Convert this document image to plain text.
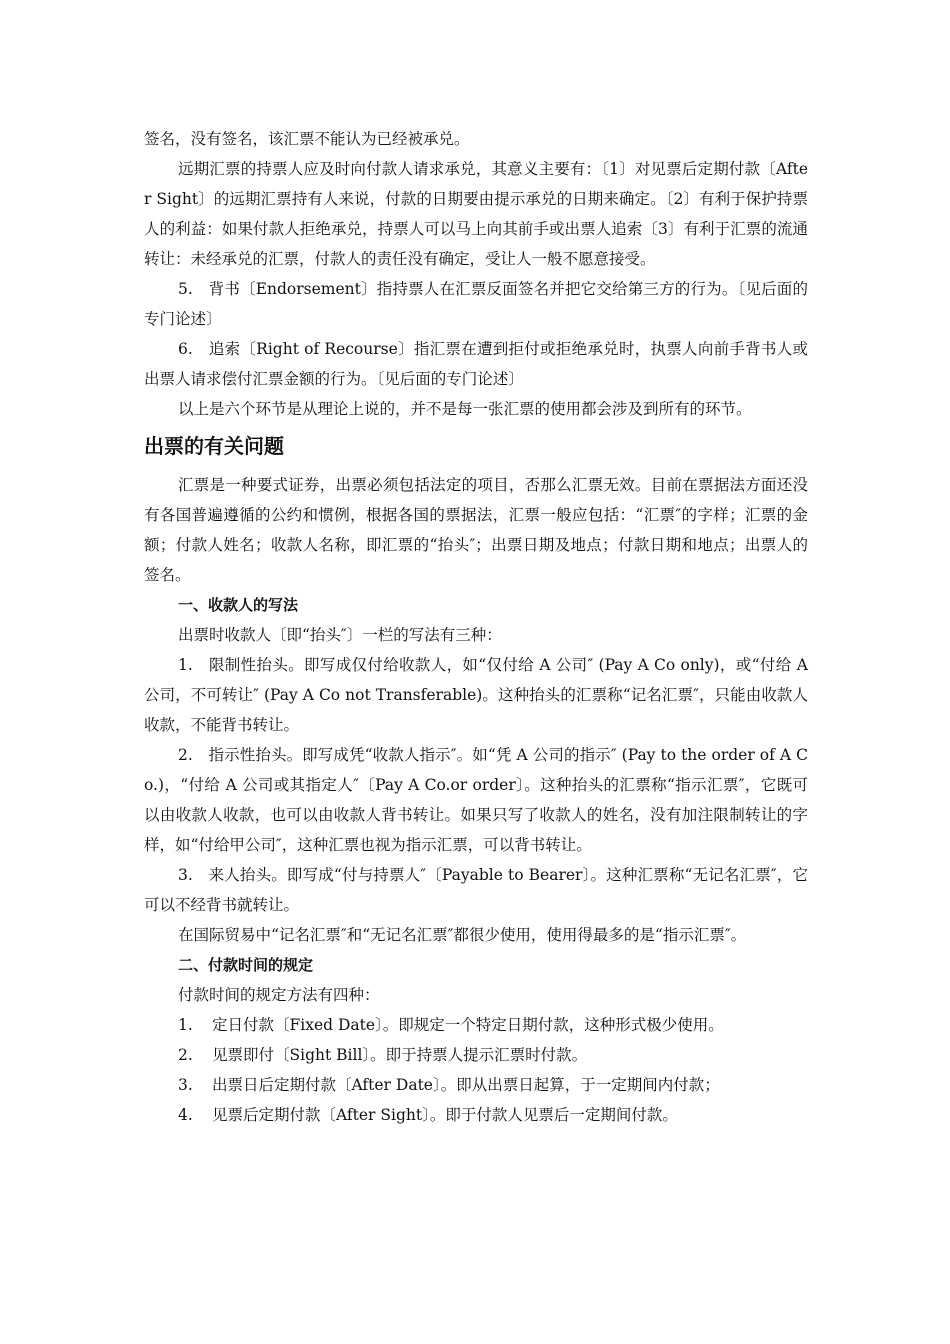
签名，没有签名，该汇票不能认为已经被承兑。

远期汇票的持票人应及时向付款人请求承兑，其意义主要有：〔1〕对见票后定期付款〔After Sight〕的远期汇票持有人来说，付款的日期要由提示承兑的日期来确定。〔2〕有利于保护持票人的利益：如果付款人拒绝承兑，持票人可以马上向其前手或出票人追索〔3〕有利于汇票的流通转让：未经承兑的汇票，付款人的责任没有确定，受让人一般不愿意接受。

5.　背书〔Endorsement〕指持票人在汇票反面签名并把它交给第三方的行为。〔见后面的专门论述〕

6.　追索〔Right of Recourse〕指汇票在遭到拒付或拒绝承兑时，执票人向前手背书人或出票人请求偿付汇票金额的行为。〔见后面的专门论述〕

以上是六个环节是从理论上说的，并不是每一张汇票的使用都会涉及到所有的环节。

出票的有关问题

汇票是一种要式证券，出票必须包括法定的项目，否那么汇票无效。目前在票据法方面还没有各国普遍遵循的公约和惯例，根据各国的票据法，汇票一般应包括：“汇票″的字样；汇票的金额；付款人姓名；收款人名称，即汇票的“抬头″；出票日期及地点；付款日期和地点；出票人的签名。

一、收款人的写法

出票时收款人〔即“抬头″〕一栏的写法有三种：

1.　限制性抬头。即写成仅付给收款人，如“仅付给 A 公司″ (Pay A Co only)，或“付给 A 公司，不可转让″ (Pay A Co not Transferable)。这种抬头的汇票称“记名汇票″，只能由收款人收款，不能背书转让。

2.　指示性抬头。即写成凭“收款人指示″。如“凭 A 公司的指示″ (Pay to the order of A Co.)，“付给 A 公司或其指定人″〔Pay A Co.or order〕。这种抬头的汇票称“指示汇票″，它既可以由收款人收款，也可以由收款人背书转让。如果只写了收款人的姓名，没有加注限制转让的字样，如“付给甲公司″，这种汇票也视为指示汇票，可以背书转让。

3.　来人抬头。即写成“付与持票人″〔Payable to Bearer〕。这种汇票称“无记名汇票″，它可以不经背书就转让。

在国际贸易中“记名汇票″和“无记名汇票″都很少使用，使用得最多的是“指示汇票″。

二、付款时间的规定

付款时间的规定方法有四种：

1. 定日付款〔Fixed Date〕。即规定一个特定日期付款，这种形式极少使用。

2. 见票即付〔Sight Bill〕。即于持票人提示汇票时付款。

3. 出票日后定期付款〔After Date〕。即从出票日起算，于一定期间内付款；

4. 见票后定期付款〔After Sight〕。即于付款人见票后一定期间付款。
